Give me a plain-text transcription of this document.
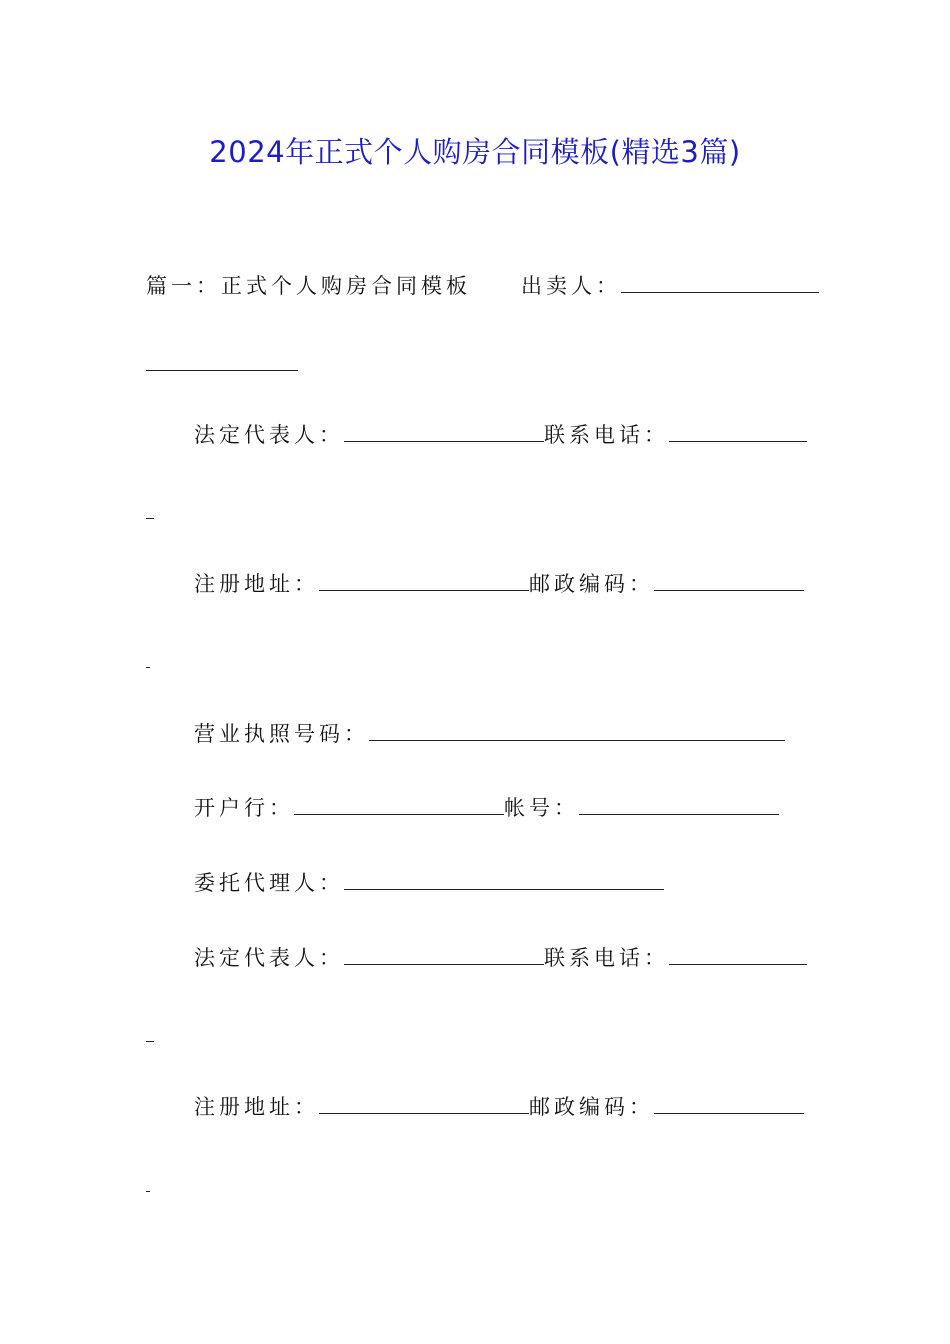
2024年正式个人购房合同模板(精选3篇)
篇一：正式个人购房合同模板 出卖人：
法定代表人：	联系电话：
注册地址：	邮政编码：
营业执照号码：
开户行：	帐号：
委托代理人：
法定代表人：	联系电话：
注册地址：	邮政编码：
